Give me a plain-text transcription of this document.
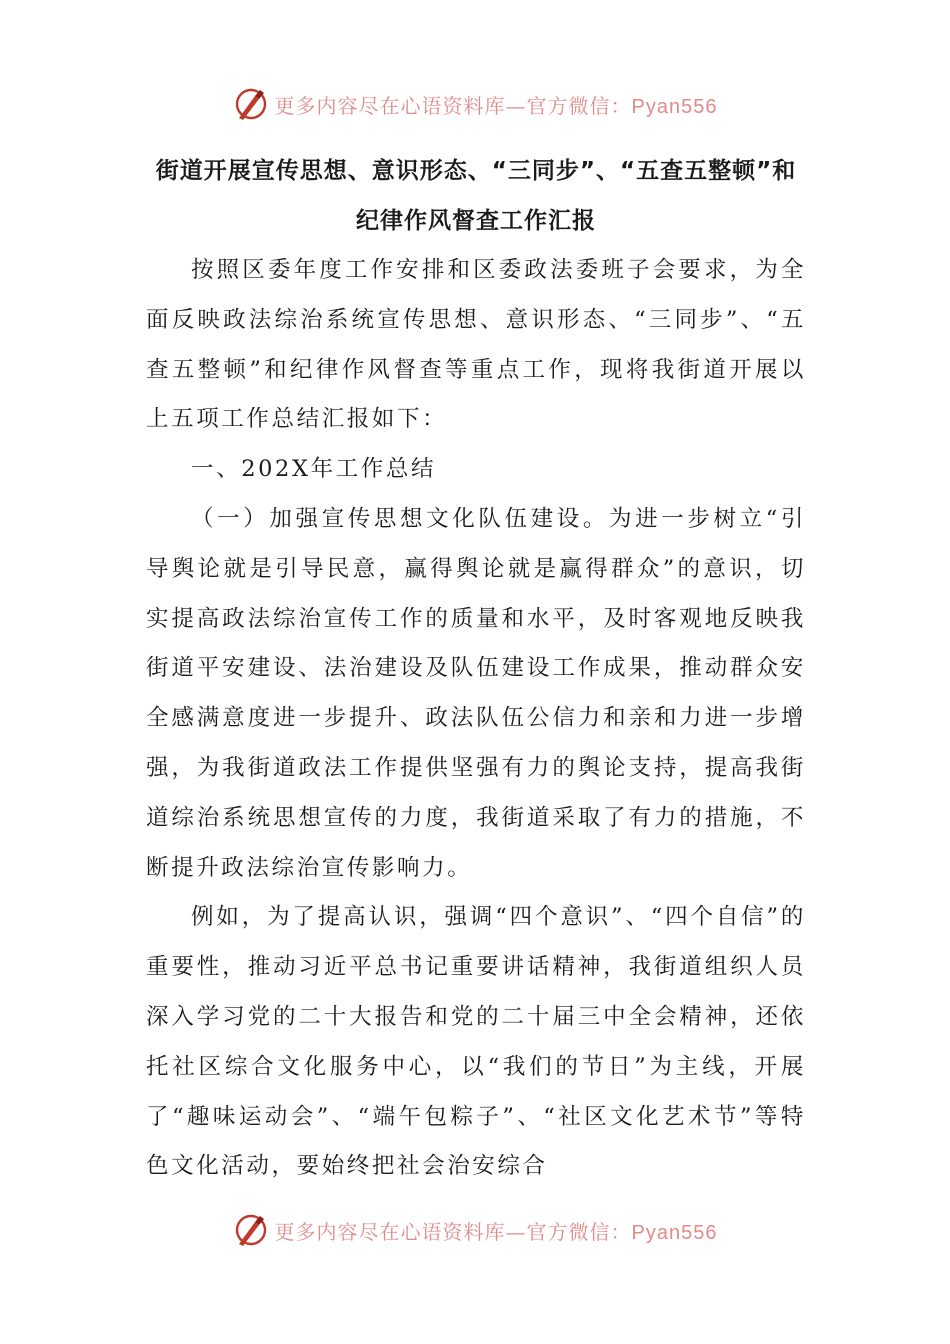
更多内容尽在心语资料库—官方微信：Pyan556
街道开展宣传思想、意识形态、“三同步”、“五查五整顿”和纪律作风督查工作汇报

按照区委年度工作安排和区委政法委班子会要求，为全面反映政法综治系统宣传思想、意识形态、“三同步”、“五查五整顿”和纪律作风督查等重点工作，现将我街道开展以上五项工作总结汇报如下：

一、202X年工作总结

（一）加强宣传思想文化队伍建设。为进一步树立“引导舆论就是引导民意，赢得舆论就是赢得群众”的意识，切实提高政法综治宣传工作的质量和水平，及时客观地反映我街道平安建设、法治建设及队伍建设工作成果，推动群众安全感满意度进一步提升、政法队伍公信力和亲和力进一步增强，为我街道政法工作提供坚强有力的舆论支持，提高我街道综治系统思想宣传的力度，我街道采取了有力的措施，不断提升政法综治宣传影响力。

例如，为了提高认识，强调“四个意识”、“四个自信”的重要性，推动习近平总书记重要讲话精神，我街道组织人员深入学习党的二十大报告和党的二十届三中全会精神，还依托社区综合文化服务中心，以“我们的节日”为主线，开展了“趣味运动会”、“端午包粽子”、“社区文化艺术节”等特色文化活动，要始终把社会治安综合

更多内容尽在心语资料库—官方微信：Pyan556
